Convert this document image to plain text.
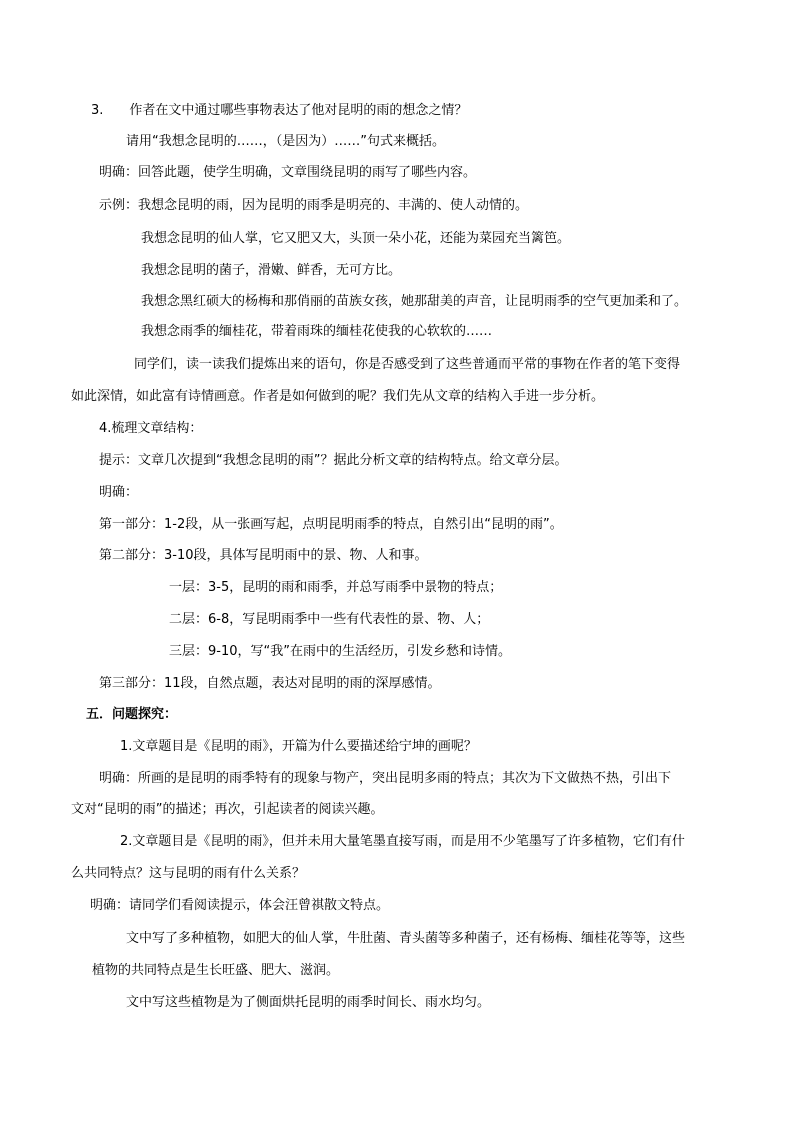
3.　　作者在文中通过哪些事物表达了他对昆明的雨的想念之情？
请用“我想念昆明的……，（是因为）……”句式来概括。
明确：回答此题，使学生明确，文章围绕昆明的雨写了哪些内容。
示例：我想念昆明的雨，因为昆明的雨季是明亮的、丰满的、使人动情的。
我想念昆明的仙人掌，它又肥又大，头顶一朵小花，还能为菜园充当篱笆。
我想念昆明的菌子，滑嫩、鲜香，无可方比。
我想念黑红硕大的杨梅和那俏丽的苗族女孩，她那甜美的声音，让昆明雨季的空气更加柔和了。
我想念雨季的缅桂花，带着雨珠的缅桂花使我的心软软的……
同学们，读一读我们提炼出来的语句，你是否感受到了这些普通而平常的事物在作者的笔下变得
如此深情，如此富有诗情画意。作者是如何做到的呢？我们先从文章的结构入手进一步分析。
4.梳理文章结构：
提示：文章几次提到“我想念昆明的雨”？据此分析文章的结构特点。给文章分层。
明确：
第一部分：1-2段，从一张画写起，点明昆明雨季的特点，自然引出“昆明的雨”。
第二部分：3-10段，具体写昆明雨中的景、物、人和事。
一层：3-5，昆明的雨和雨季，并总写雨季中景物的特点；
二层：6-8，写昆明雨季中一些有代表性的景、物、人；
三层：9-10，写“我”在雨中的生活经历，引发乡愁和诗情。
第三部分：11段，自然点题，表达对昆明的雨的深厚感情。
五．问题探究：
1.文章题目是《昆明的雨》，开篇为什么要描述给宁坤的画呢？
明确：所画的是昆明的雨季特有的现象与物产，突出昆明多雨的特点；其次为下文做热不热，引出下
文对“昆明的雨”的描述；再次，引起读者的阅读兴趣。
2.文章题目是《昆明的雨》，但并未用大量笔墨直接写雨，而是用不少笔墨写了许多植物，它们有什
么共同特点？这与昆明的雨有什么关系？
明确：请同学们看阅读提示，体会汪曾祺散文特点。
文中写了多种植物，如肥大的仙人掌，牛肚菌、青头菌等多种菌子，还有杨梅、缅桂花等等，这些
植物的共同特点是生长旺盛、肥大、滋润。
文中写这些植物是为了侧面烘托昆明的雨季时间长、雨水均匀。
